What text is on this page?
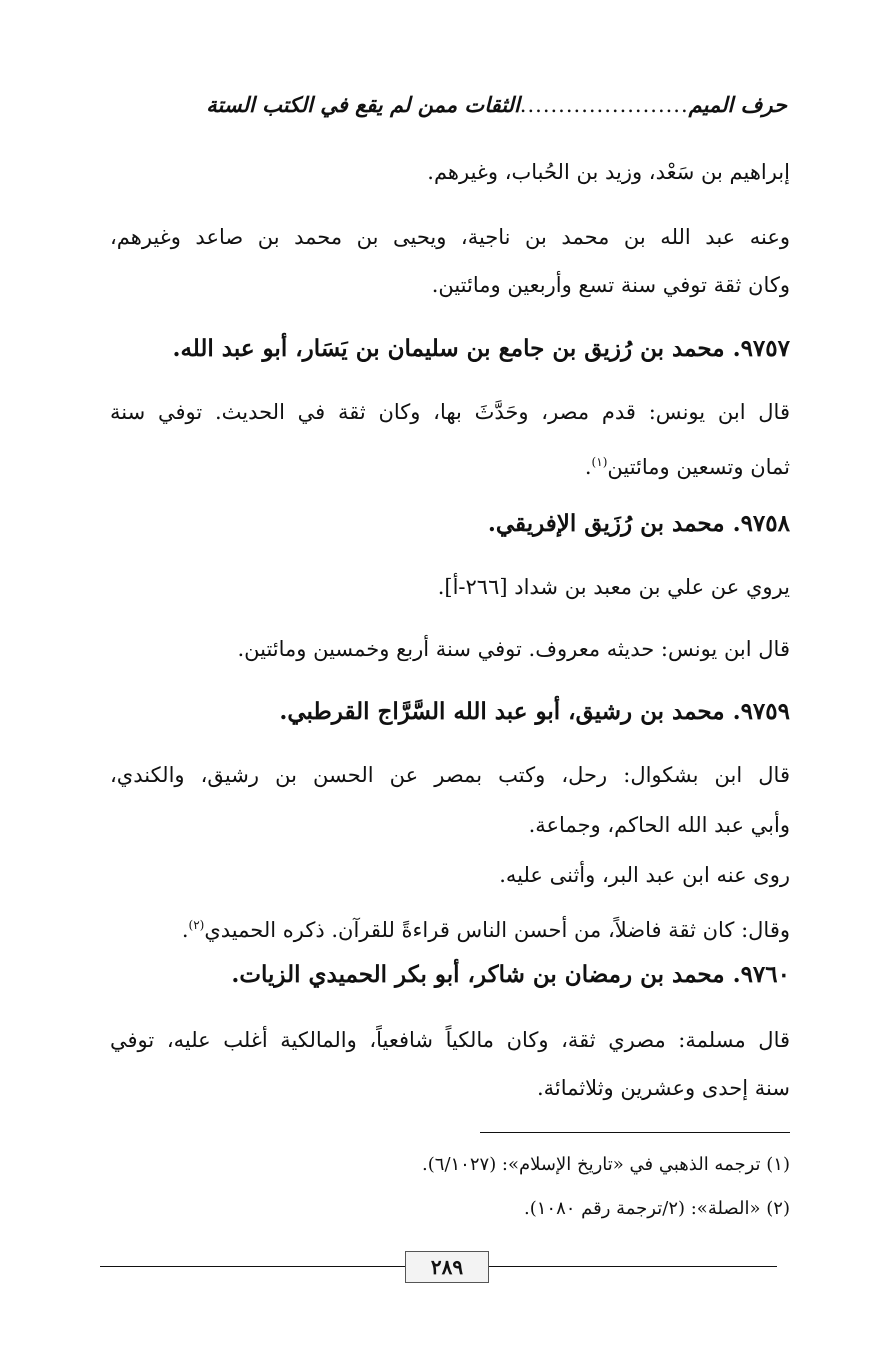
حرف الميم
......................
الثقات ممن لم يقع في الكتب الستة
إبراهيم بن سَعْد، وزيد بن الحُباب، وغيرهم.
وعنه عبد الله بن محمد بن ناجية، ويحيى بن محمد بن صاعد وغيرهم،
وكان ثقة توفي سنة تسع وأربعين ومائتين.
٩٧٥٧. محمد بن رُزيق بن جامع بن سليمان بن يَسَار، أبو عبد الله.
قال ابن يونس: قدم مصر، وحَدَّثَ بها، وكان ثقة في الحديث. توفي سنة
ثمان وتسعين ومائتين$^{(١)}$.
٩٧٥٨. محمد بن رُزَيق الإفريقي.
يروي عن علي بن معبد بن شداد [٢٦٦-أ].
قال ابن يونس: حديثه معروف. توفي سنة أربع وخمسين ومائتين.
٩٧٥٩. محمد بن رشيق، أبو عبد الله السَّرَّاج القرطبي.
قال ابن بشكوال: رحل، وكتب بمصر عن الحسن بن رشيق، والكندي،
وأبي عبد الله الحاكم، وجماعة.
روى عنه ابن عبد البر، وأثنى عليه.
وقال: كان ثقة فاضلاً، من أحسن الناس قراءةً للقرآن. ذكره الحميدي$^{(٢)}$.
٩٧٦٠. محمد بن رمضان بن شاكر، أبو بكر الحميدي الزيات.
قال مسلمة: مصري ثقة، وكان مالكياً شافعياً، والمالكية أغلب عليه، توفي
سنة إحدى وعشرين وثلاثمائة.
(١) ترجمه الذهبي في «تاريخ الإسلام»: (٦/١٠٢٧).
(٢) «الصلة»: (٢/ترجمة رقم ١٠٨٠).
٢٨٩
